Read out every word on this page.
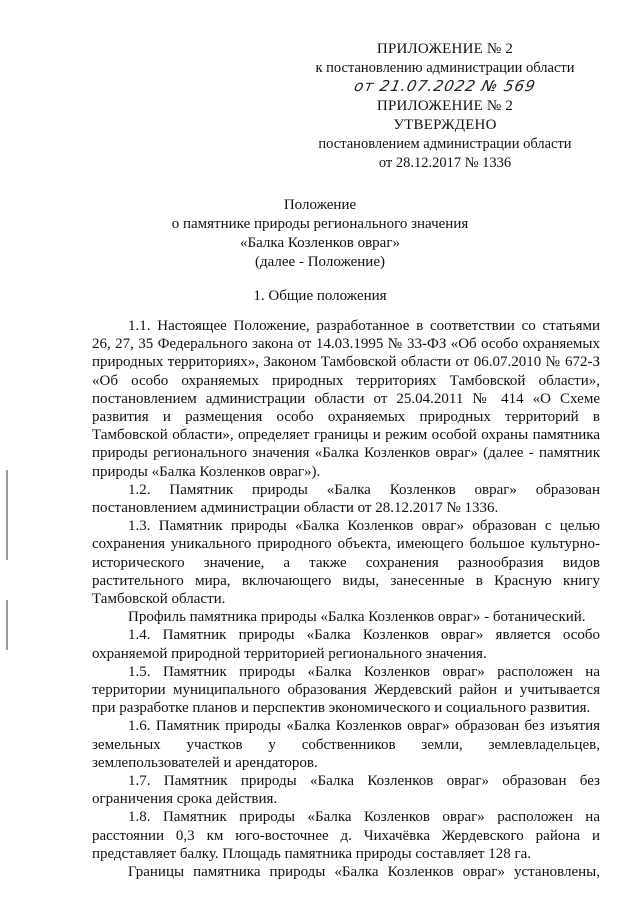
ПРИЛОЖЕНИЕ № 2
к постановлению администрации области
от 21.07.2022 № 569
ПРИЛОЖЕНИЕ № 2
УТВЕРЖДЕНО
постановлением администрации области
от 28.12.2017 № 1336
Положение
о памятнике природы регионального значения
«Балка Козленков овраг»
(далее - Положение)
1. Общие положения

1.1. Настоящее Положение, разработанное в соответствии со статьями 26, 27, 35 Федерального закона от 14.03.1995 № 33-ФЗ «Об особо охраняемых природных территориях», Законом Тамбовской области от 06.07.2010 № 672-З «Об особо охраняемых природных территориях Тамбовской области», постановлением администрации области от 25.04.2011 № 414 «О Схеме развития и размещения особо охраняемых природных территорий в Тамбовской области», определяет границы и режим особой охраны памятника природы регионального значения «Балка Козленков овраг» (далее - памятник природы «Балка Козленков овраг»).

1.2. Памятник природы «Балка Козленков овраг» образован постановлением администрации области от 28.12.2017 № 1336.

1.3. Памятник природы «Балка Козленков овраг» образован с целью сохранения уникального природного объекта, имеющего большое культурно-исторического значение, а также сохранения разнообразия видов растительного мира, включающего виды, занесенные в Красную книгу Тамбовской области.

Профиль памятника природы «Балка Козленков овраг» - ботанический.

1.4. Памятник природы «Балка Козленков овраг» является особо охраняемой природной территорией регионального значения.

1.5. Памятник природы «Балка Козленков овраг» расположен на территории муниципального образования Жердевский район и учитывается при разработке планов и перспектив экономического и социального развития.

1.6. Памятник природы «Балка Козленков овраг» образован без изъятия земельных участков у собственников земли, землевладельцев, землепользователей и арендаторов.

1.7. Памятник природы «Балка Козленков овраг» образован без ограничения срока действия.

1.8. Памятник природы «Балка Козленков овраг» расположен на расстоянии 0,3 км юго-восточнее д. Чихачёвка Жердевского района и представляет балку. Площадь памятника природы составляет 128 га.

Границы памятника природы «Балка Козленков овраг» установлены,
